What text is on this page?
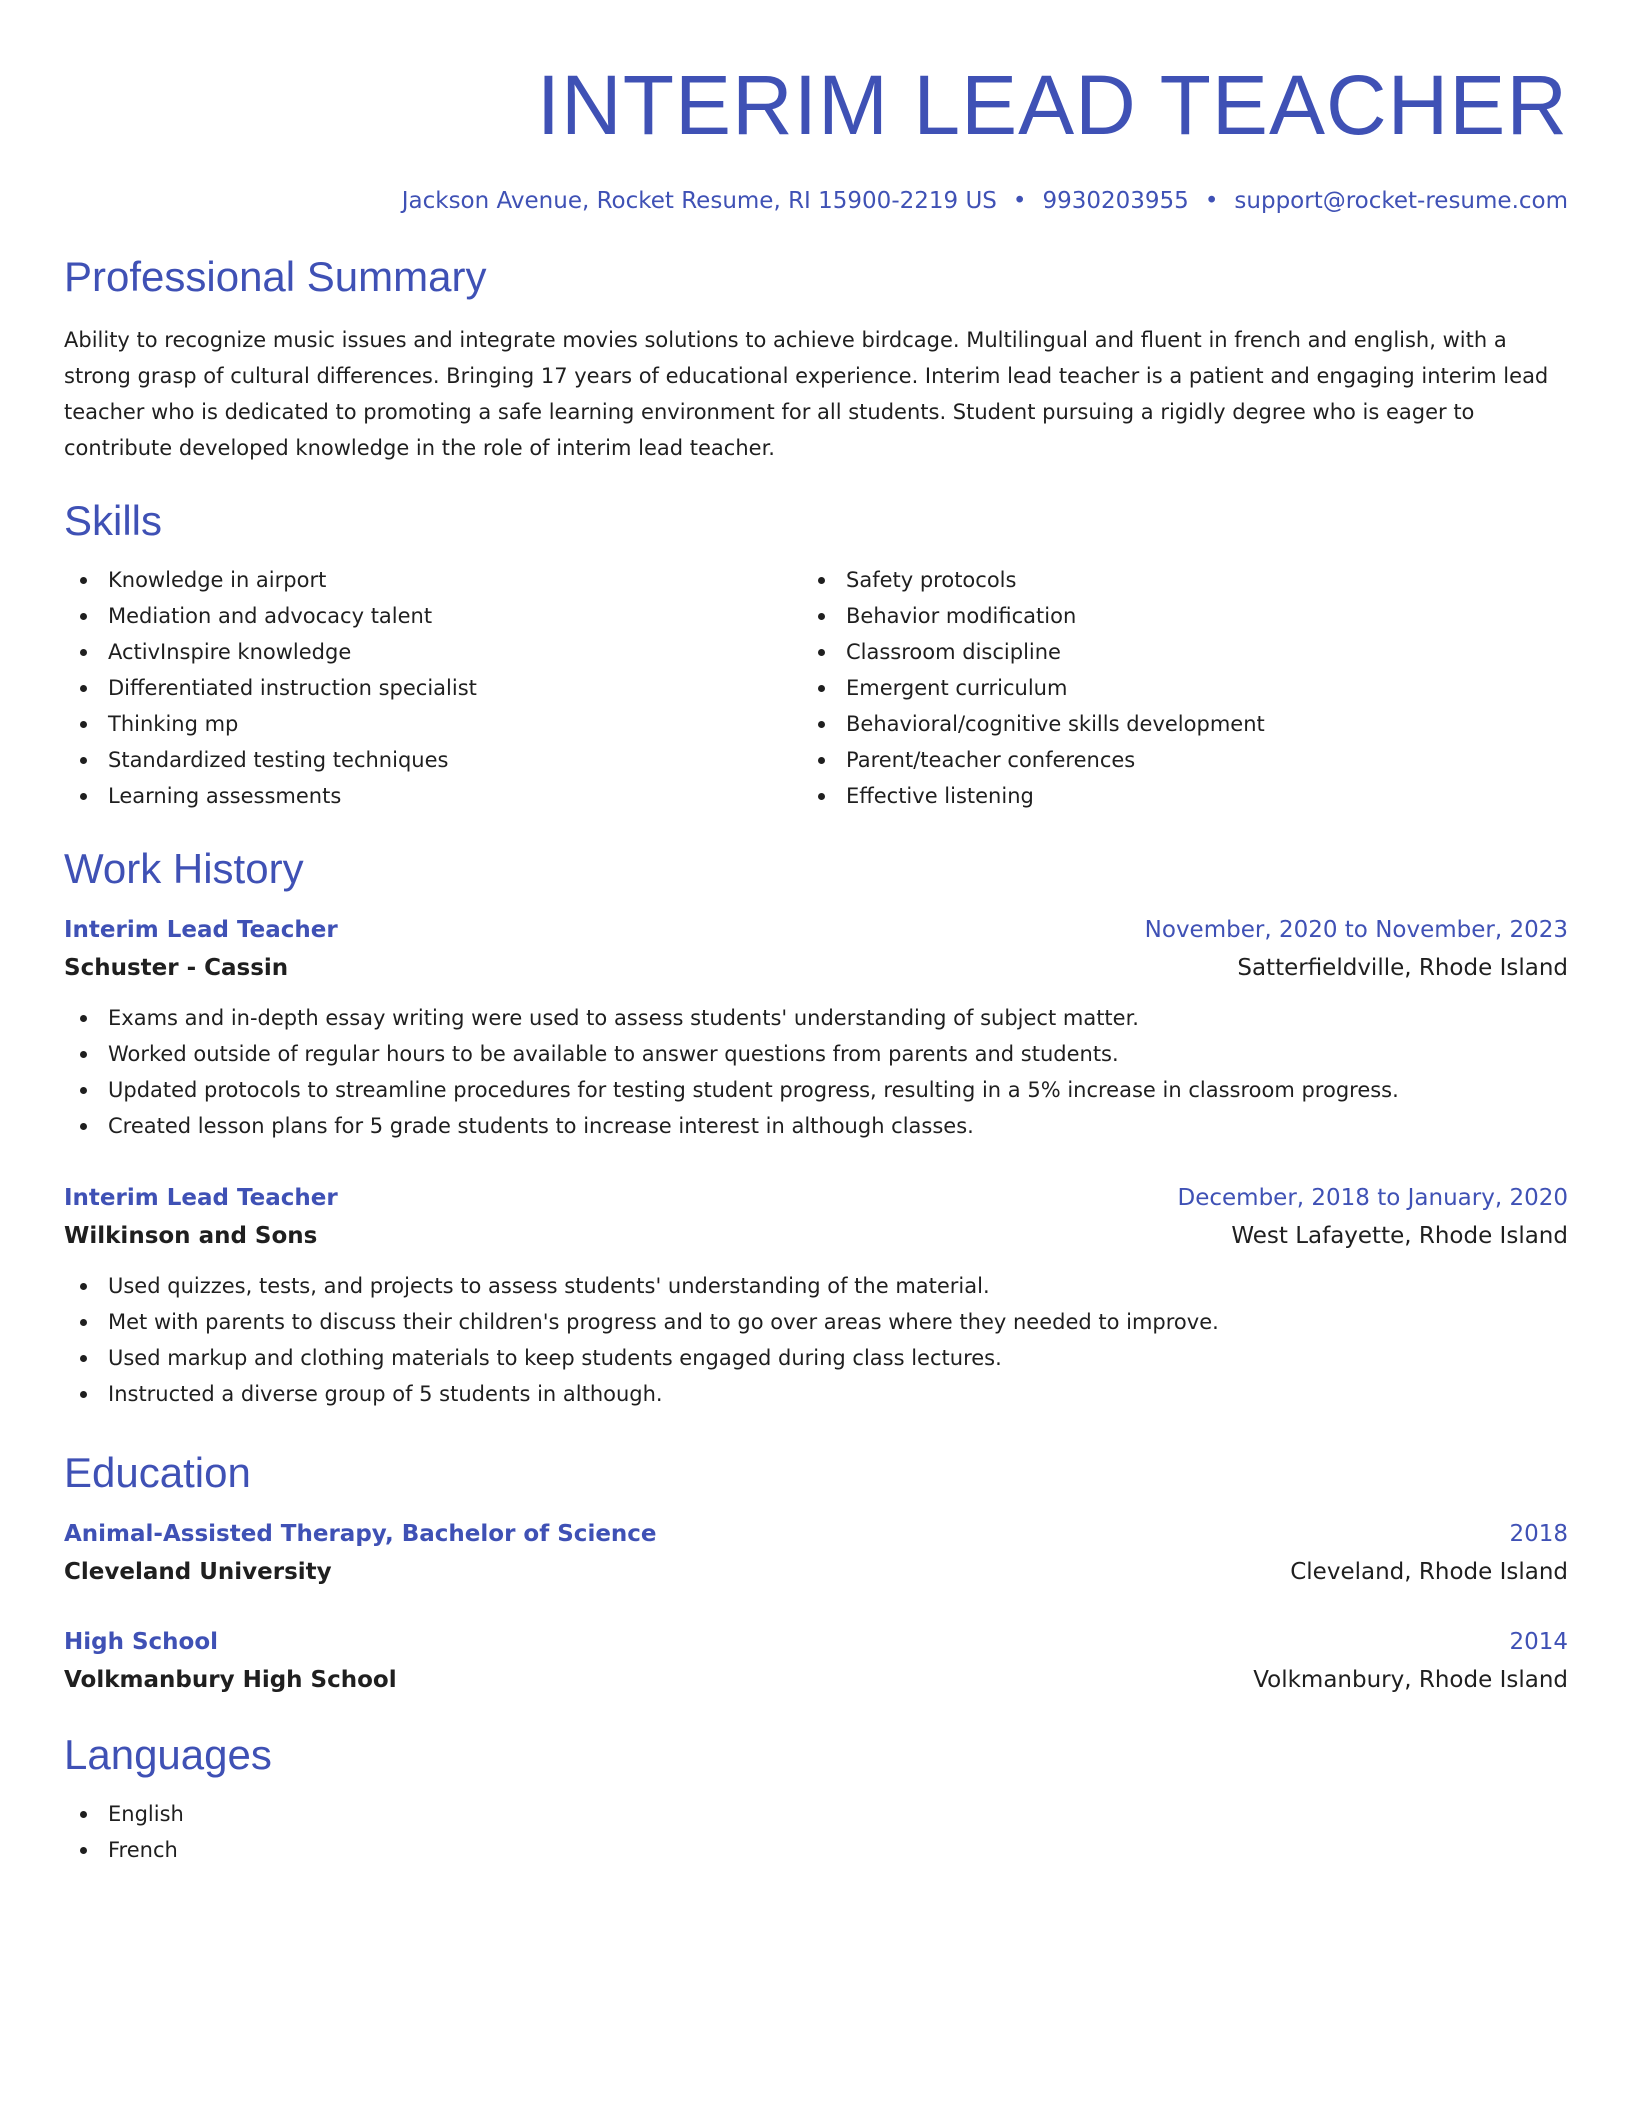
INTERIM LEAD TEACHER
Jackson Avenue, Rocket Resume, RI 15900-2219 US • 9930203955 • support@rocket-resume.com
Professional Summary
Ability to recognize music issues and integrate movies solutions to achieve birdcage. Multilingual and fluent in french and english, with a strong grasp of cultural differences. Bringing 17 years of educational experience. Interim lead teacher is a patient and engaging interim lead teacher who is dedicated to promoting a safe learning environment for all students. Student pursuing a rigidly degree who is eager to contribute developed knowledge in the role of interim lead teacher.
Skills
Knowledge in airport
Mediation and advocacy talent
ActivInspire knowledge
Differentiated instruction specialist
Thinking mp
Standardized testing techniques
Learning assessments
Safety protocols
Behavior modification
Classroom discipline
Emergent curriculum
Behavioral/cognitive skills development
Parent/teacher conferences
Effective listening
Work History
Interim Lead Teacher	November, 2020 to November, 2023
Schuster - Cassin	Satterfieldville, Rhode Island
Exams and in-depth essay writing were used to assess students' understanding of subject matter.
Worked outside of regular hours to be available to answer questions from parents and students.
Updated protocols to streamline procedures for testing student progress, resulting in a 5% increase in classroom progress.
Created lesson plans for 5 grade students to increase interest in although classes.
Interim Lead Teacher	December, 2018 to January, 2020
Wilkinson and Sons	West Lafayette, Rhode Island
Used quizzes, tests, and projects to assess students' understanding of the material.
Met with parents to discuss their children's progress and to go over areas where they needed to improve.
Used markup and clothing materials to keep students engaged during class lectures.
Instructed a diverse group of 5 students in although.
Education
Animal-Assisted Therapy, Bachelor of Science	2018
Cleveland University	Cleveland, Rhode Island
High School	2014
Volkmanbury High School	Volkmanbury, Rhode Island
Languages
English
French
